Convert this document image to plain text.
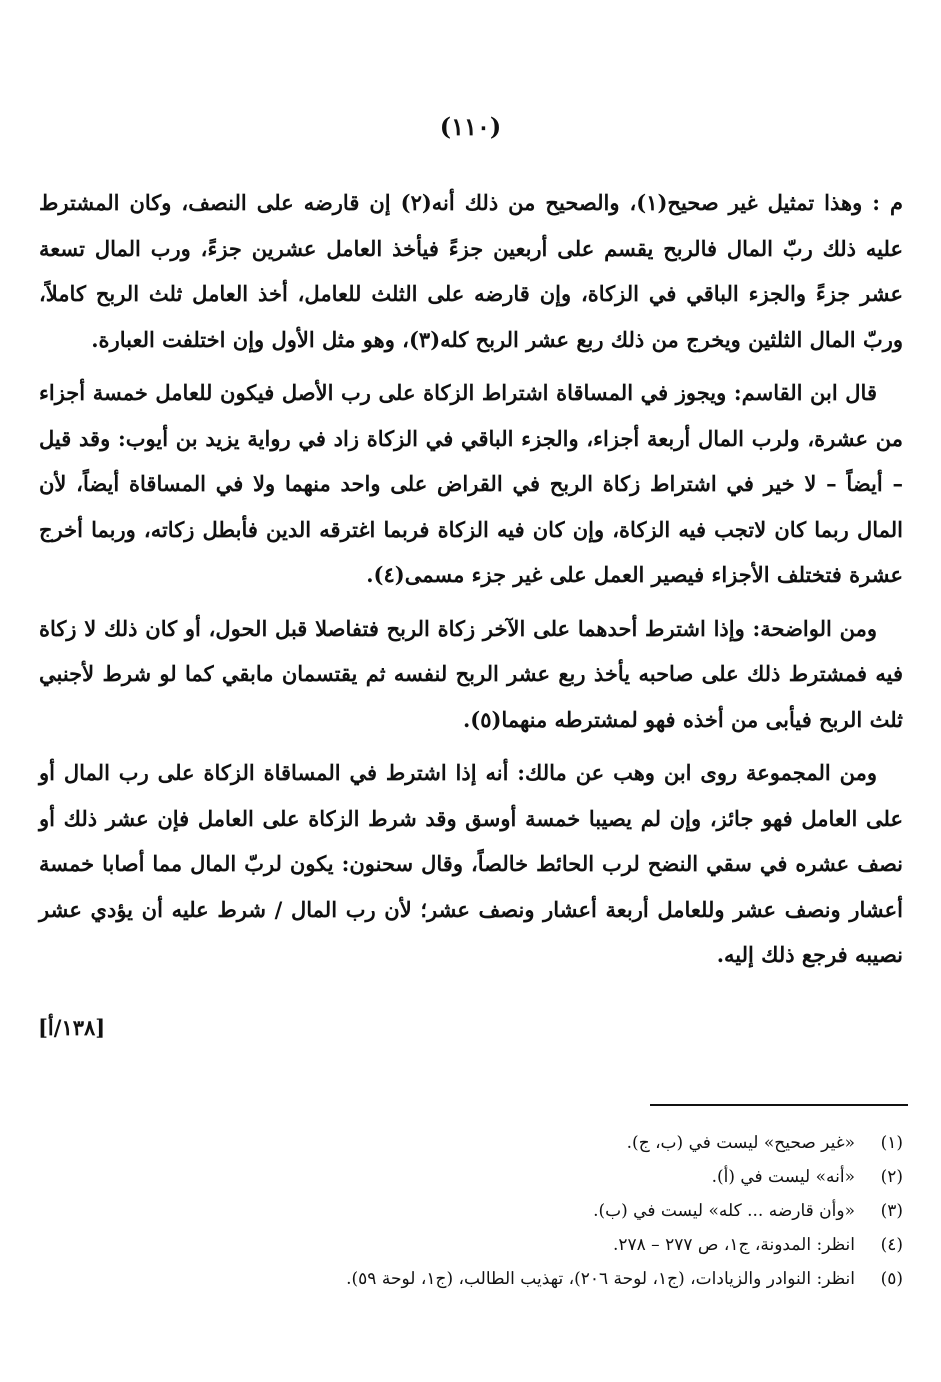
(١١٠)

م : وهذا تمثيل غير صحيح(١)، والصحيح من ذلك أنه(٢) إن قارضه على النصف، وكان المشترط عليه ذلك ربّ المال فالربح يقسم على أربعين جزءً فيأخذ العامل عشرين جزءً، ورب المال تسعة عشر جزءً والجزء الباقي في الزكاة، وإن قارضه على الثلث للعامل، أخذ العامل ثلث الربح كاملاً، وربّ المال الثلثين ويخرج من ذلك ربع عشر الربح كله(٣)، وهو مثل الأول وإن اختلفت العبارة.

قال ابن القاسم: ويجوز في المساقاة اشتراط الزكاة على رب الأصل فيكون للعامل خمسة أجزاء من عشرة، ولرب المال أربعة أجزاء، والجزء الباقي في الزكاة زاد في رواية يزيد بن أيوب: وقد قيل – أيضاً – لا خير في اشتراط زكاة الربح في القراض على واحد منهما ولا في المساقاة أيضاً، لأن المال ربما كان لاتجب فيه الزكاة، وإن كان فيه الزكاة فربما اغترقه الدين فأبطل زكاته، وربما أخرج عشرة فتختلف الأجزاء فيصير العمل على غير جزء مسمى(٤).

ومن الواضحة: وإذا اشترط أحدهما على الآخر زكاة الربح فتفاصلا قبل الحول، أو كان ذلك لا زكاة فيه فمشترط ذلك على صاحبه يأخذ ربع عشر الربح لنفسه ثم يقتسمان مابقي كما لو شرط لأجنبي ثلث الربح فيأبى من أخذه فهو لمشترطه منهما(٥).

ومن المجموعة روى ابن وهب عن مالك: أنه إذا اشترط في المساقاة الزكاة على رب المال أو على العامل فهو جائز، وإن لم يصيبا خمسة أوسق وقد شرط الزكاة على العامل فإن عشر ذلك أو نصف عشره في سقي النضح لرب الحائط خالصاً، وقال سحنون: يكون لربّ المال مما أصابا خمسة أعشار ونصف عشر وللعامل أربعة أعشار ونصف عشر؛ لأن رب المال / شرط عليه أن يؤدي عشر نصيبه فرجع ذلك إليه.

[١٣٨/أ]
(١)
«غير صحيح» ليست في (ب، ج).
(٢)
«أنه» ليست في (أ).
(٣)
«وأن قارضه ... كله» ليست في (ب).
(٤)
انظر: المدونة، ج١، ص ٢٧٧ – ٢٧٨.
(٥)
انظر: النوادر والزيادات، (ج١، لوحة ٢٠٦)، تهذيب الطالب، (ج١، لوحة ٥٩).
